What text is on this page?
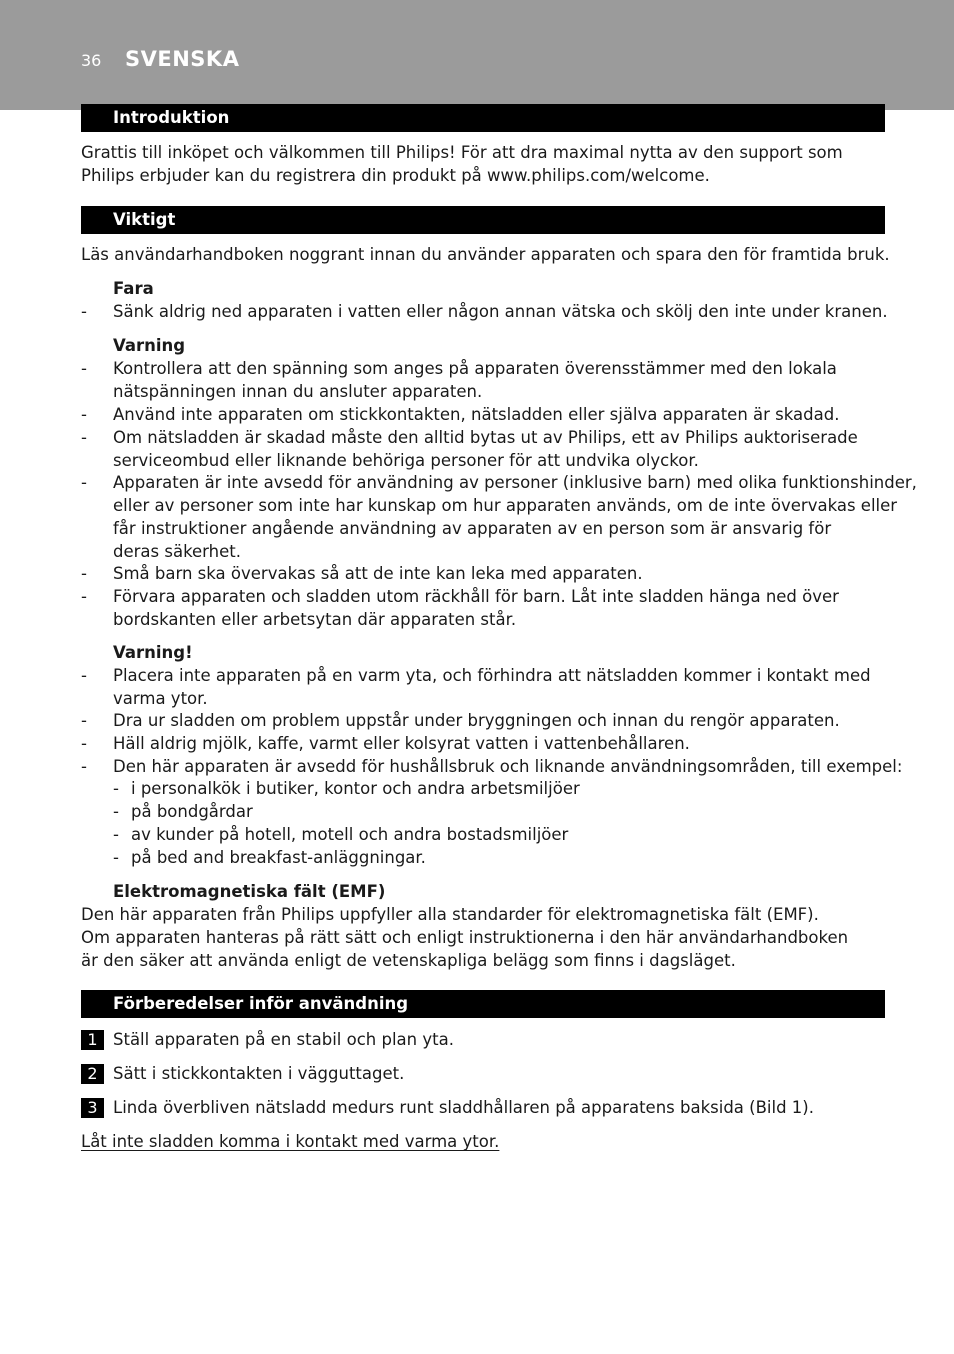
36 SVENSKA
Introduktion
Grattis till inköpet och välkommen till Philips! För att dra maximal nytta av den support som
Philips erbjuder kan du registrera din produkt på www.philips.com/welcome.
Viktigt
Läs användarhandboken noggrant innan du använder apparaten och spara den för framtida bruk.
Fara
- Sänk aldrig ned apparaten i vatten eller någon annan vätska och skölj den inte under kranen.
Varning
- Kontrollera att den spänning som anges på apparaten överensstämmer med den lokala
nätspänningen innan du ansluter apparaten.
- Använd inte apparaten om stickkontakten, nätsladden eller själva apparaten är skadad.
- Om nätsladden är skadad måste den alltid bytas ut av Philips, ett av Philips auktoriserade
serviceombud eller liknande behöriga personer för att undvika olyckor.
- Apparaten är inte avsedd för användning av personer (inklusive barn) med olika funktionshinder,
eller av personer som inte har kunskap om hur apparaten används, om de inte övervakas eller
får instruktioner angående användning av apparaten av en person som är ansvarig för
deras säkerhet.
- Små barn ska övervakas så att de inte kan leka med apparaten.
- Förvara apparaten och sladden utom räckhåll för barn. Låt inte sladden hänga ned över
bordskanten eller arbetsytan där apparaten står.
Varning!
- Placera inte apparaten på en varm yta, och förhindra att nätsladden kommer i kontakt med
varma ytor.
- Dra ur sladden om problem uppstår under bryggningen och innan du rengör apparaten.
- Häll aldrig mjölk, kaffe, varmt eller kolsyrat vatten i vattenbehållaren.
- Den här apparaten är avsedd för hushållsbruk och liknande användningsområden, till exempel:
- i personalkök i butiker, kontor och andra arbetsmiljöer
- på bondgårdar
- av kunder på hotell, motell och andra bostadsmiljöer
- på bed and breakfast-anläggningar.
Elektromagnetiska fält (EMF)
Den här apparaten från Philips uppfyller alla standarder för elektromagnetiska fält (EMF).
Om apparaten hanteras på rätt sätt och enligt instruktionerna i den här användarhandboken
är den säker att använda enligt de vetenskapliga belägg som finns i dagsläget.
Förberedelser inför användning
1 Ställ apparaten på en stabil och plan yta.
2 Sätt i stickkontakten i vägguttaget.
3 Linda överbliven nätsladd medurs runt sladdhållaren på apparatens baksida (Bild 1).
Låt inte sladden komma i kontakt med varma ytor.
